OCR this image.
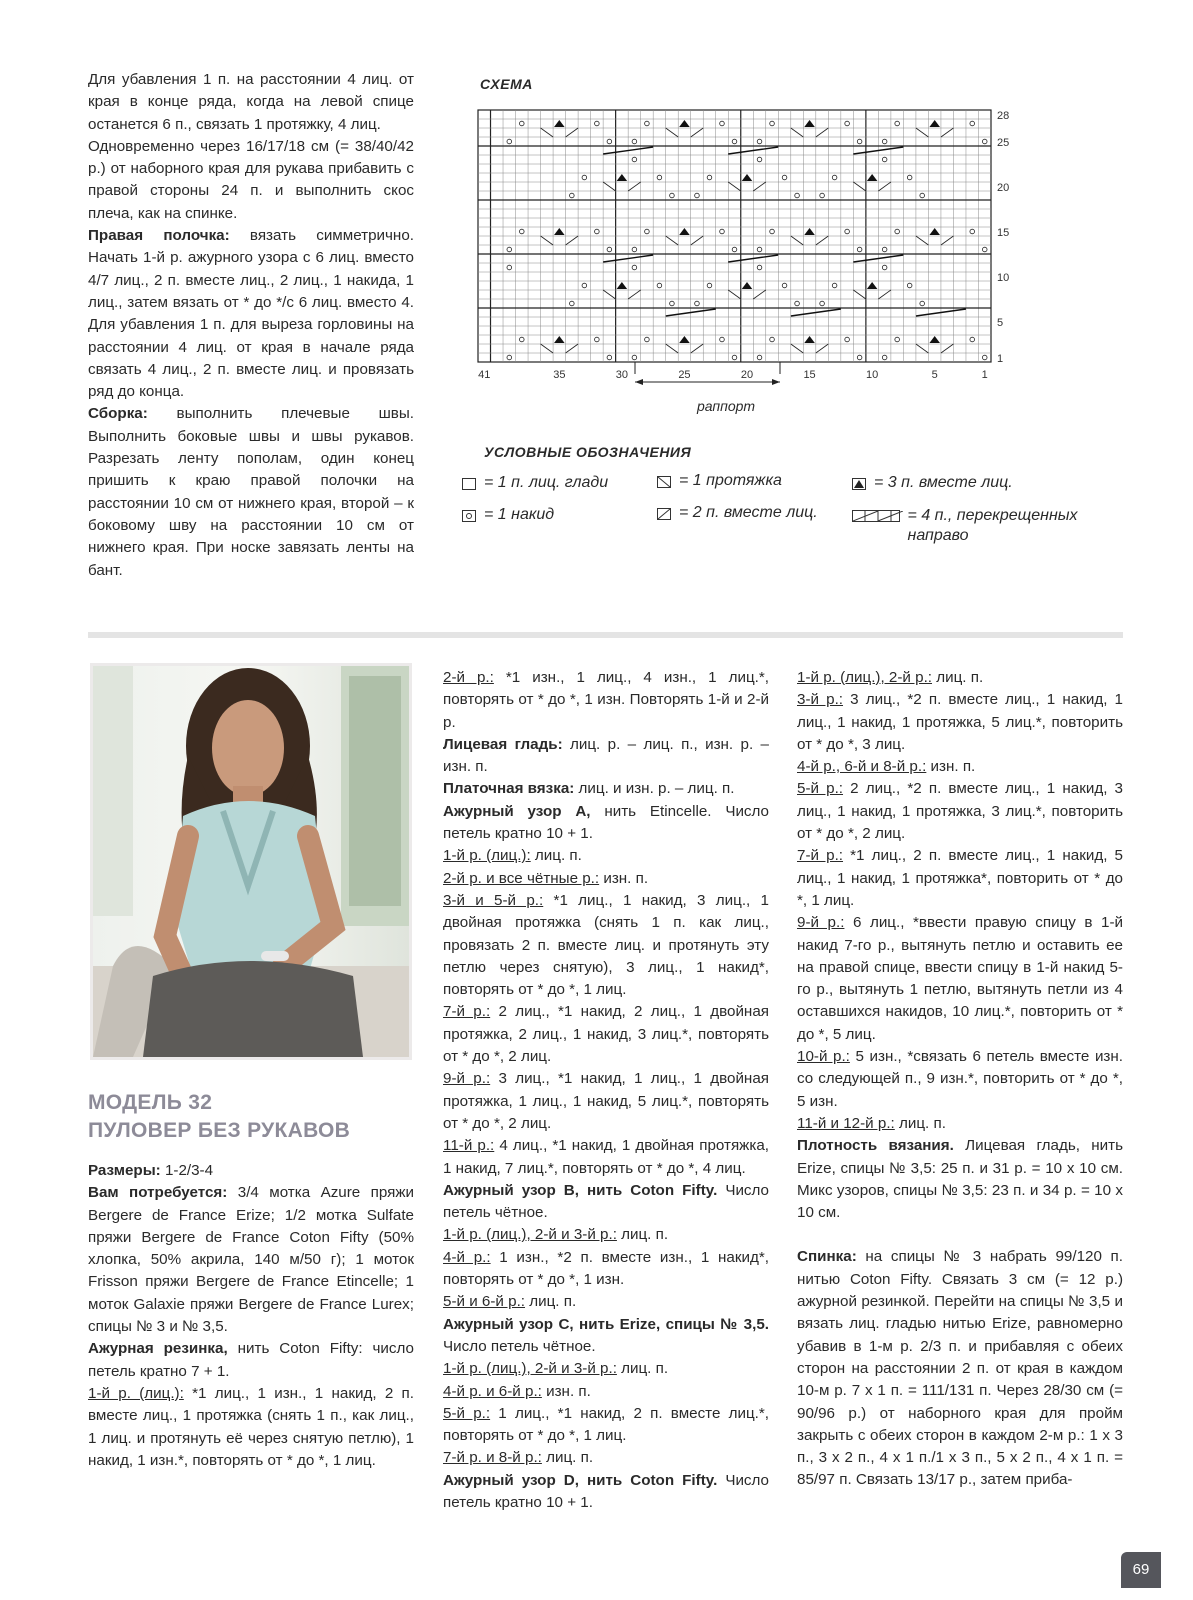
Для убавления 1 п. на расстоянии 4 лиц. от края в конце ряда, когда на левой спице останется 6 п., связать 1 протяжку, 4 лиц.

Одновременно через 16/17/18 см (= 38/40/42 р.) от наборного края для рукава прибавить с правой стороны 24 п. и выполнить скос плеча, как на спинке.

Правая полочка: вязать симметрично. Начать 1-й р. ажурного узора с 6 лиц. вместо 4/7 лиц., 2 п. вместе лиц., 2 лиц., 1 накида, 1 лиц., затем вязать от * до */с 6 лиц. вместо 4. Для убавления 1 п. для выреза горловины на расстоянии 4 лиц. от края в начале ряда связать 4 лиц., 2 п. вместе лиц. и провязать ряд до конца.

Сборка: выполнить плечевые швы. Выполнить боковые швы и швы рукавов. Разрезать ленту пополам, один конец пришить к краю правой полочки на расстоянии 10 см от нижнего края, второй – к боковому шву на расстоянии 10 см от нижнего края. При носке завязать ленты на бант.

СХЕМА
28
25
20
15
10
5
1
41	35	30	25	20	15	10	5	1
раппорт
УСЛОВНЫЕ ОБОЗНАЧЕНИЯ
= 1 п. лиц. глади	= 1 протяжка	= 3 п. вместе лиц.
= 1 накид	= 2 п. вместе лиц.	= 4 п., перекрещенных направо
МОДЕЛЬ 32
ПУЛОВЕР БЕЗ РУКАВОВ

Размеры: 1-2/3-4

Вам потребуется: 3/4 мотка Azure пряжи Bergere de France Erize; 1/2 мотка Sulfate пряжи Bergere de France Coton Fifty (50% хлопка, 50% акрила, 140 м/50 г); 1 моток Frisson пряжи Bergere de France Etincelle; 1 моток Galaxie пряжи Bergere de France Lurex; спицы № 3 и № 3,5.

Ажурная резинка, нить Coton Fifty: число петель кратно 7 + 1.

1-й р. (лиц.): *1 лиц., 1 изн., 1 накид, 2 п. вместе лиц., 1 протяжка (снять 1 п., как лиц., 1 лиц. и протянуть её через снятую петлю), 1 накид, 1 изн.*, повторять от * до *, 1 лиц.

2-й р.: *1 изн., 1 лиц., 4 изн., 1 лиц.*, повторять от * до *, 1 изн. Повторять 1-й и 2-й р.

Лицевая гладь: лиц. р. – лиц. п., изн. р. – изн. п.

Платочная вязка: лиц. и изн. р. – лиц. п.

Ажурный узор А, нить Etincelle. Число петель кратно 10 + 1.

1-й р. (лиц.): лиц. п.

2-й р. и все чётные р.: изн. п.

3-й и 5-й р.: *1 лиц., 1 накид, 3 лиц., 1 двойная протяжка (снять 1 п. как лиц., провязать 2 п. вместе лиц. и протянуть эту петлю через снятую), 3 лиц., 1 накид*, повторять от * до *, 1 лиц.

7-й р.: 2 лиц., *1 накид, 2 лиц., 1 двойная протяжка, 2 лиц., 1 накид, 3 лиц.*, повторять от * до *, 2 лиц.

9-й р.: 3 лиц., *1 накид, 1 лиц., 1 двойная протяжка, 1 лиц., 1 накид, 5 лиц.*, повторять от * до *, 2 лиц.

11-й р.: 4 лиц., *1 накид, 1 двойная протяжка, 1 накид, 7 лиц.*, повторять от * до *, 4 лиц.

Ажурный узор В, нить Coton Fifty. Число петель чётное.

1-й р. (лиц.), 2-й и 3-й р.: лиц. п.

4-й р.: 1 изн., *2 п. вместе изн., 1 накид*, повторять от * до *, 1 изн.

5-й и 6-й р.: лиц. п.

Ажурный узор С, нить Erize, спицы № 3,5. Число петель чётное.

1-й р. (лиц.), 2-й и 3-й р.: лиц. п.

4-й р. и 6-й р.: изн. п.

5-й р.: 1 лиц., *1 накид, 2 п. вместе лиц.*, повторять от * до *, 1 лиц.

7-й р. и 8-й р.: лиц. п.

Ажурный узор D, нить Coton Fifty. Число петель кратно 10 + 1.

1-й р. (лиц.), 2-й р.: лиц. п.

3-й р.: 3 лиц., *2 п. вместе лиц., 1 накид, 1 лиц., 1 накид, 1 протяжка, 5 лиц.*, повторить от * до *, 3 лиц.

4-й р., 6-й и 8-й р.: изн. п.

5-й р.: 2 лиц., *2 п. вместе лиц., 1 накид, 3 лиц., 1 накид, 1 протяжка, 3 лиц.*, повторить от * до *, 2 лиц.

7-й р.: *1 лиц., 2 п. вместе лиц., 1 накид, 5 лиц., 1 накид, 1 протяжка*, повторить от * до *, 1 лиц.

9-й р.: 6 лиц., *ввести правую спицу в 1-й накид 7-го р., вытянуть петлю и оставить ее на правой спице, ввести спицу в 1-й накид 5-го р., вытянуть 1 петлю, вытянуть петли из 4 оставшихся накидов, 10 лиц.*, повторить от * до *, 5 лиц.

10-й р.: 5 изн., *связать 6 петель вместе изн. со следующей п., 9 изн.*, повторить от * до *, 5 изн.

11-й и 12-й р.: лиц. п.

Плотность вязания. Лицевая гладь, нить Erize, спицы № 3,5: 25 п. и 31 р. = 10 х 10 см. Микс узоров, спицы № 3,5: 23 п. и 34 р. = 10 х 10 см.

Спинка: на спицы № 3 набрать 99/120 п. нитью Coton Fifty. Связать 3 см (= 12 р.) ажурной резинкой. Перейти на спицы № 3,5 и вязать лиц. гладью нитью Erize, равномерно убавив в 1-м р. 2/3 п. и прибавляя с обеих сторон на расстоянии 2 п. от края в каждом 10-м р. 7 х 1 п. = 111/131 п. Через 28/30 см (= 90/96 р.) от наборного края для пройм закрыть с обеих сторон в каждом 2-м р.: 1 х 3 п., 3 х 2 п., 4 х 1 п./1 х 3 п., 5 х 2 п., 4 х 1 п. = 85/97 п. Связать 13/17 р., затем приба-

69
